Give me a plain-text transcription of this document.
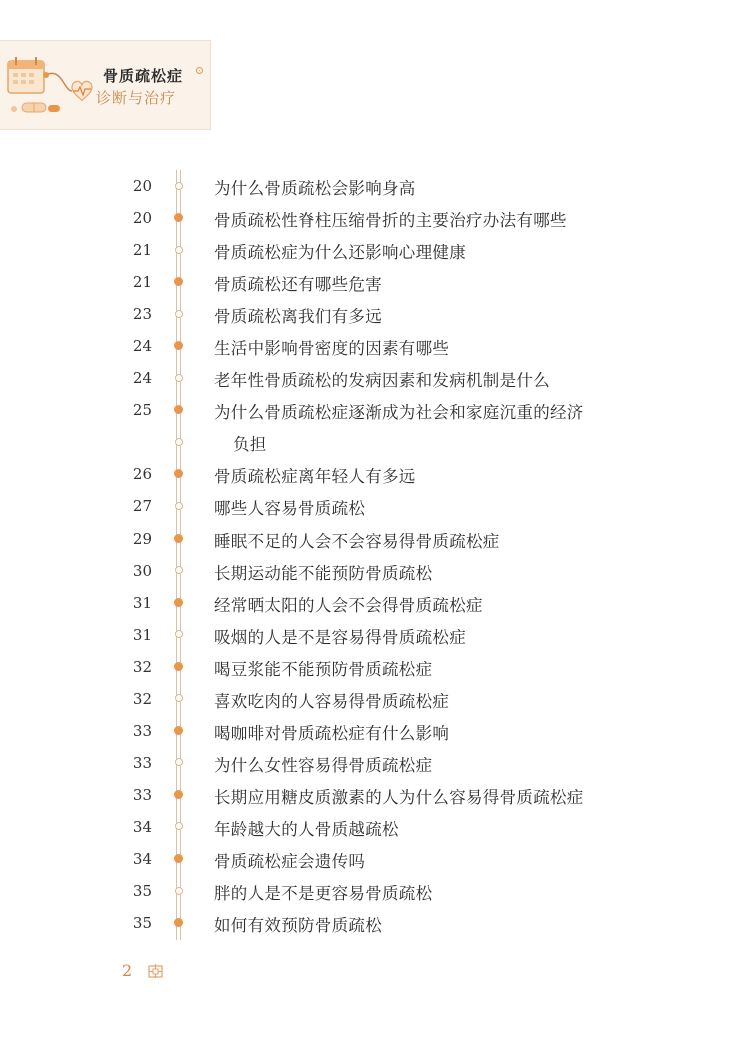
骨质疏松症
诊断与治疗
20	为什么骨质疏松会影响身高
20	骨质疏松性脊柱压缩骨折的主要治疗办法有哪些
21	骨质疏松症为什么还影响心理健康
21	骨质疏松还有哪些危害
23	骨质疏松离我们有多远
24	生活中影响骨密度的因素有哪些
24	老年性骨质疏松的发病因素和发病机制是什么
25	为什么骨质疏松症逐渐成为社会和家庭沉重的经济
负担
26	骨质疏松症离年轻人有多远
27	哪些人容易骨质疏松
29	睡眠不足的人会不会容易得骨质疏松症
30	长期运动能不能预防骨质疏松
31	经常晒太阳的人会不会得骨质疏松症
31	吸烟的人是不是容易得骨质疏松症
32	喝豆浆能不能预防骨质疏松症
32	喜欢吃肉的人容易得骨质疏松症
33	喝咖啡对骨质疏松症有什么影响
33	为什么女性容易得骨质疏松症
33	长期应用糖皮质激素的人为什么容易得骨质疏松症
34	年龄越大的人骨质越疏松
34	骨质疏松症会遗传吗
35	胖的人是不是更容易骨质疏松
35	如何有效预防骨质疏松
2
